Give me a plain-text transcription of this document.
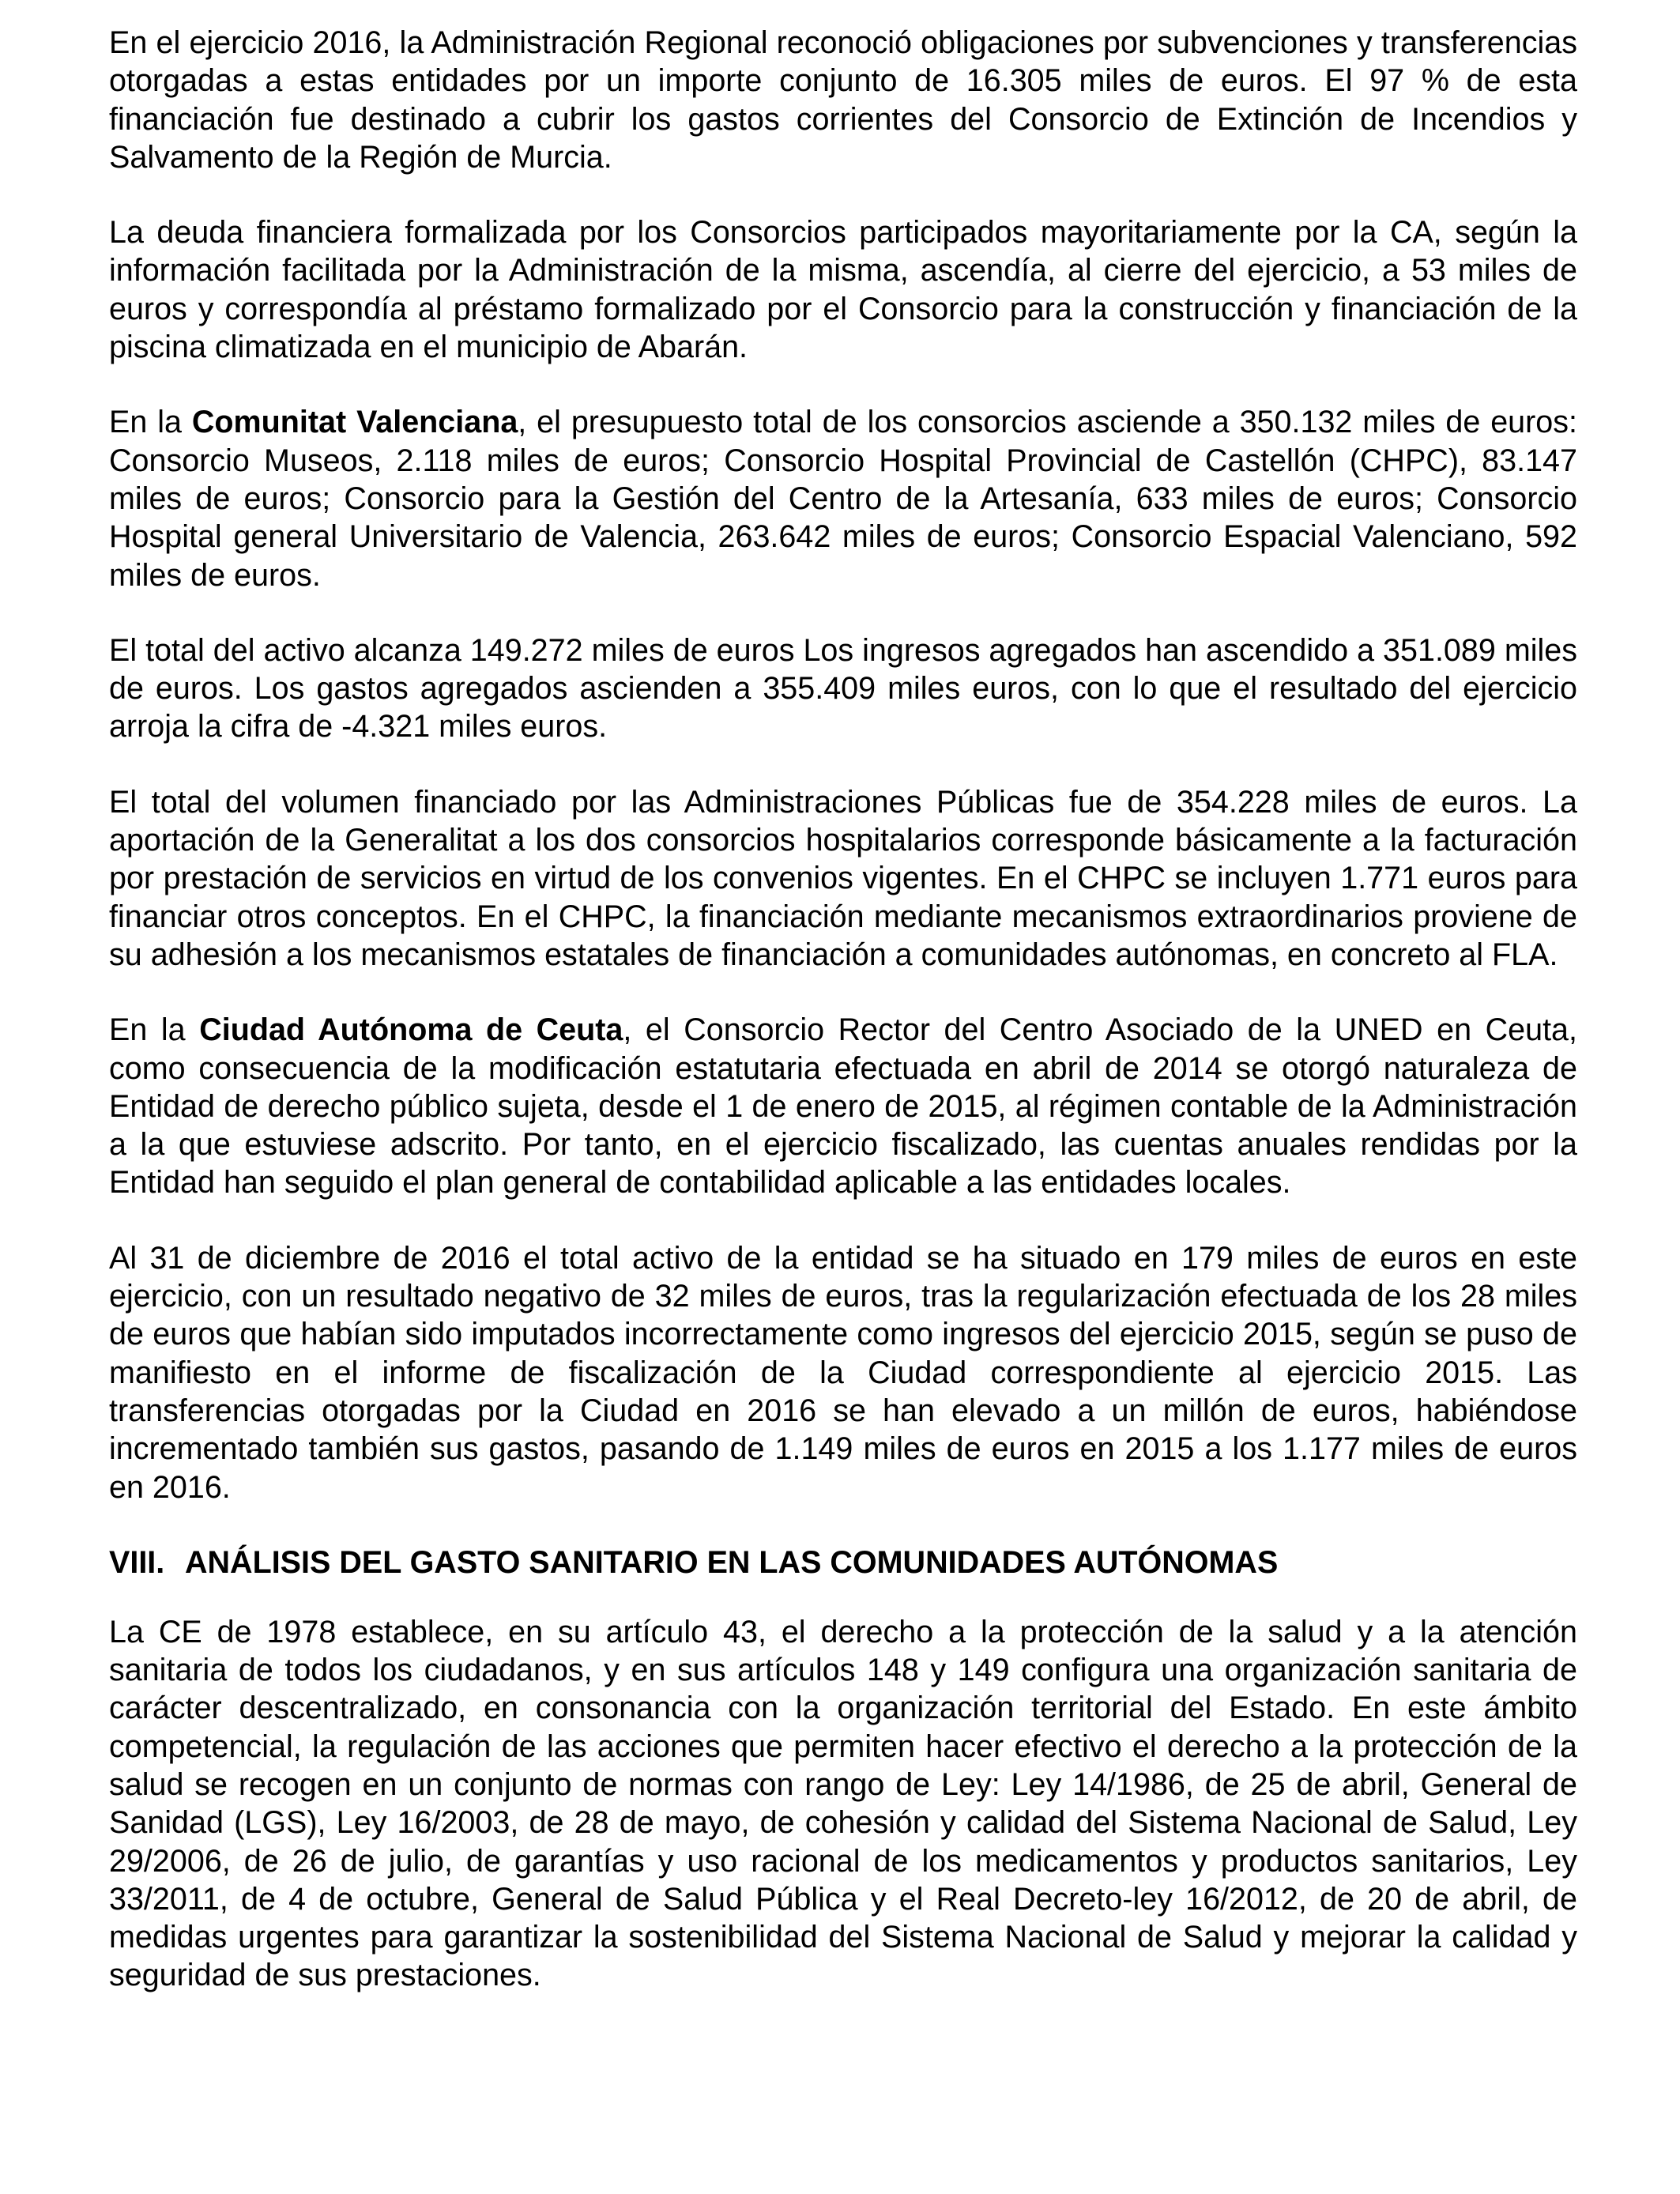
En el ejercicio 2016, la Administración Regional reconoció obligaciones por subvenciones y transferencias otorgadas a estas entidades por un importe conjunto de 16.305 miles de euros. El 97 % de esta financiación fue destinado a cubrir los gastos corrientes del Consorcio de Extinción de Incendios y Salvamento de la Región de Murcia.

La deuda financiera formalizada por los Consorcios participados mayoritariamente por la CA, según la información facilitada por la Administración de la misma, ascendía, al cierre del ejercicio, a 53 miles de euros y correspondía al préstamo formalizado por el Consorcio para la construcción y financiación de la piscina climatizada en el municipio de Abarán.

En la Comunitat Valenciana, el presupuesto total de los consorcios asciende a 350.132 miles de euros: Consorcio Museos, 2.118 miles de euros; Consorcio Hospital Provincial de Castellón (CHPC), 83.147 miles de euros; Consorcio para la Gestión del Centro de la Artesanía, 633 miles de euros; Consorcio Hospital general Universitario de Valencia, 263.642 miles de euros; Consorcio Espacial Valenciano, 592 miles de euros.

El total del activo alcanza 149.272 miles de euros Los ingresos agregados han ascendido a 351.089 miles de euros. Los gastos agregados ascienden a 355.409 miles euros, con lo que el resultado del ejercicio arroja la cifra de -4.321 miles euros.

El total del volumen financiado por las Administraciones Públicas fue de 354.228 miles de euros. La aportación de la Generalitat a los dos consorcios hospitalarios corresponde básicamente a la facturación por prestación de servicios en virtud de los convenios vigentes. En el CHPC se incluyen 1.771 euros para financiar otros conceptos. En el CHPC, la financiación mediante mecanismos extraordinarios proviene de su adhesión a los mecanismos estatales de financiación a comunidades autónomas, en concreto al FLA.

En la Ciudad Autónoma de Ceuta, el Consorcio Rector del Centro Asociado de la UNED en Ceuta, como consecuencia de la modificación estatutaria efectuada en abril de 2014 se otorgó naturaleza de Entidad de derecho público sujeta, desde el 1 de enero de 2015, al régimen contable de la Administración a la que estuviese adscrito. Por tanto, en el ejercicio fiscalizado, las cuentas anuales rendidas por la Entidad han seguido el plan general de contabilidad aplicable a las entidades locales.

Al 31 de diciembre de 2016 el total activo de la entidad se ha situado en 179 miles de euros en este ejercicio, con un resultado negativo de 32 miles de euros, tras la regularización efectuada de los 28 miles de euros que habían sido imputados incorrectamente como ingresos del ejercicio 2015, según se puso de manifiesto en el informe de fiscalización de la Ciudad correspondiente al ejercicio 2015. Las transferencias otorgadas por la Ciudad en 2016 se han elevado a un millón de euros, habiéndose incrementado también sus gastos, pasando de 1.149 miles de euros en 2015 a los 1.177 miles de euros en 2016.

VIII. ANÁLISIS DEL GASTO SANITARIO EN LAS COMUNIDADES AUTÓNOMAS

La CE de 1978 establece, en su artículo 43, el derecho a la protección de la salud y a la atención sanitaria de todos los ciudadanos, y en sus artículos 148 y 149 configura una organización sanitaria de carácter descentralizado, en consonancia con la organización territorial del Estado. En este ámbito competencial, la regulación de las acciones que permiten hacer efectivo el derecho a la protección de la salud se recogen en un conjunto de normas con rango de Ley: Ley 14/1986, de 25 de abril, General de Sanidad (LGS), Ley 16/2003, de 28 de mayo, de cohesión y calidad del Sistema Nacional de Salud, Ley 29/2006, de 26 de julio, de garantías y uso racional de los medicamentos y productos sanitarios, Ley 33/2011, de 4 de octubre, General de Salud Pública y el Real Decreto-ley 16/2012, de 20 de abril, de medidas urgentes para garantizar la sostenibilidad del Sistema Nacional de Salud y mejorar la calidad y seguridad de sus prestaciones.
